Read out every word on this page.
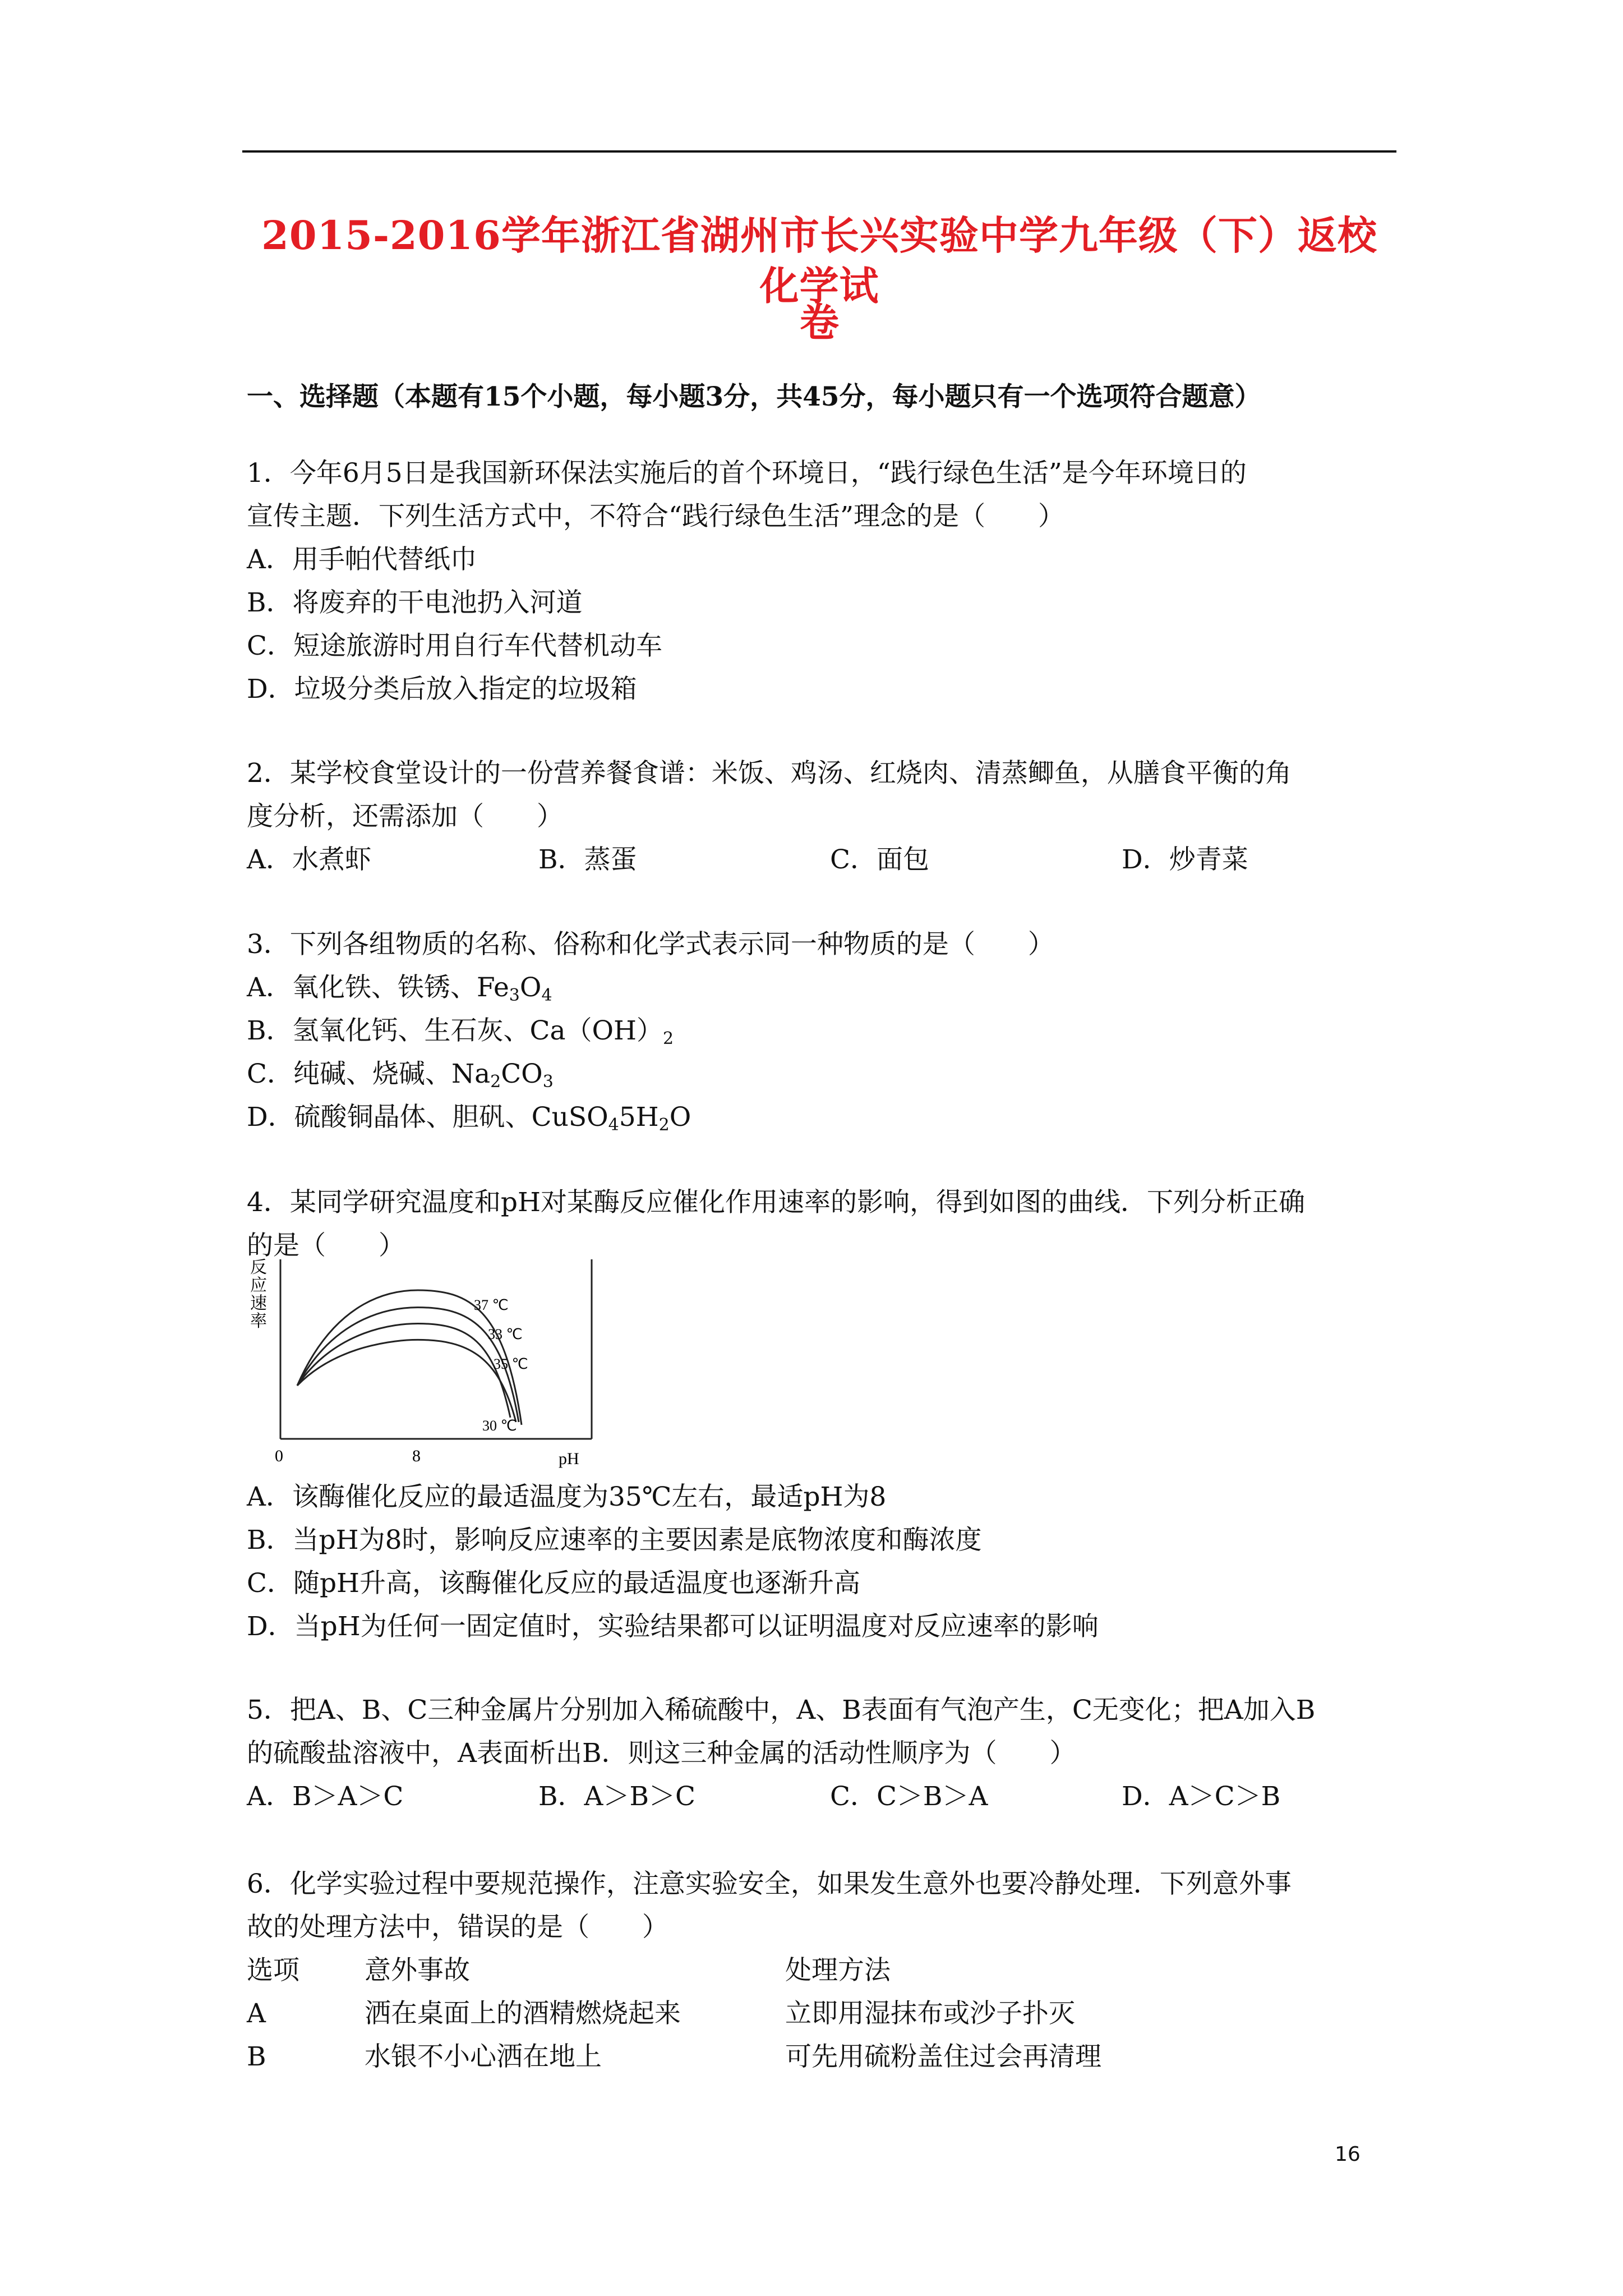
2015-2016学年浙江省湖州市长兴实验中学九年级（下）返校化学试
卷
一、选择题（本题有15个小题，每小题3分，共45分，每小题只有一个选项符合题意）
1．今年6月5日是我国新环保法实施后的首个环境日，“践行绿色生活”是今年环境日的
宣传主题．下列生活方式中，不符合“践行绿色生活”理念的是（　　）
A．用手帕代替纸巾
B．将废弃的干电池扔入河道
C．短途旅游时用自行车代替机动车
D．垃圾分类后放入指定的垃圾箱
2．某学校食堂设计的一份营养餐食谱：米饭、鸡汤、红烧肉、清蒸鲫鱼，从膳食平衡的角
度分析，还需添加（　　）
A．水煮虾	B．蒸蛋	C．面包	D．炒青菜
3．下列各组物质的名称、俗称和化学式表示同一种物质的是（　　）
A．氧化铁、铁锈、$Fe_3O_4$
B．氢氧化钙、生石灰、$Ca(OH)_2$
C．纯碱、烧碱、$Na_2CO_3$
D．硫酸铜晶体、胆矾、$CuSO_45H_2O$
4．某同学研究温度和pH对某酶反应催化作用速率的影响，得到如图的曲线．下列分析正确
的是（　　）
反
应
速
率
37 ℃
33 ℃
35 ℃
30 ℃
0	8	pH
A．该酶催化反应的最适温度为35℃左右，最适pH为8
B．当pH为8时，影响反应速率的主要因素是底物浓度和酶浓度
C．随pH升高，该酶催化反应的最适温度也逐渐升高
D．当pH为任何一固定值时，实验结果都可以证明温度对反应速率的影响
5．把A、B、C三种金属片分别加入稀硫酸中，A、B表面有气泡产生，C无变化；把A加入B
的硫酸盐溶液中，A表面析出B．则这三种金属的活动性顺序为（　　）
A．B＞A＞C	B．A＞B＞C	C．C＞B＞A	D．A＞C＞B
6．化学实验过程中要规范操作，注意实验安全，如果发生意外也要冷静处理．下列意外事
故的处理方法中，错误的是（　　）
选项 意外事故	处理方法
A	洒在桌面上的酒精燃烧起来	立即用湿抹布或沙子扑灭
B	水银不小心洒在地上	可先用硫粉盖住过会再清理
16
